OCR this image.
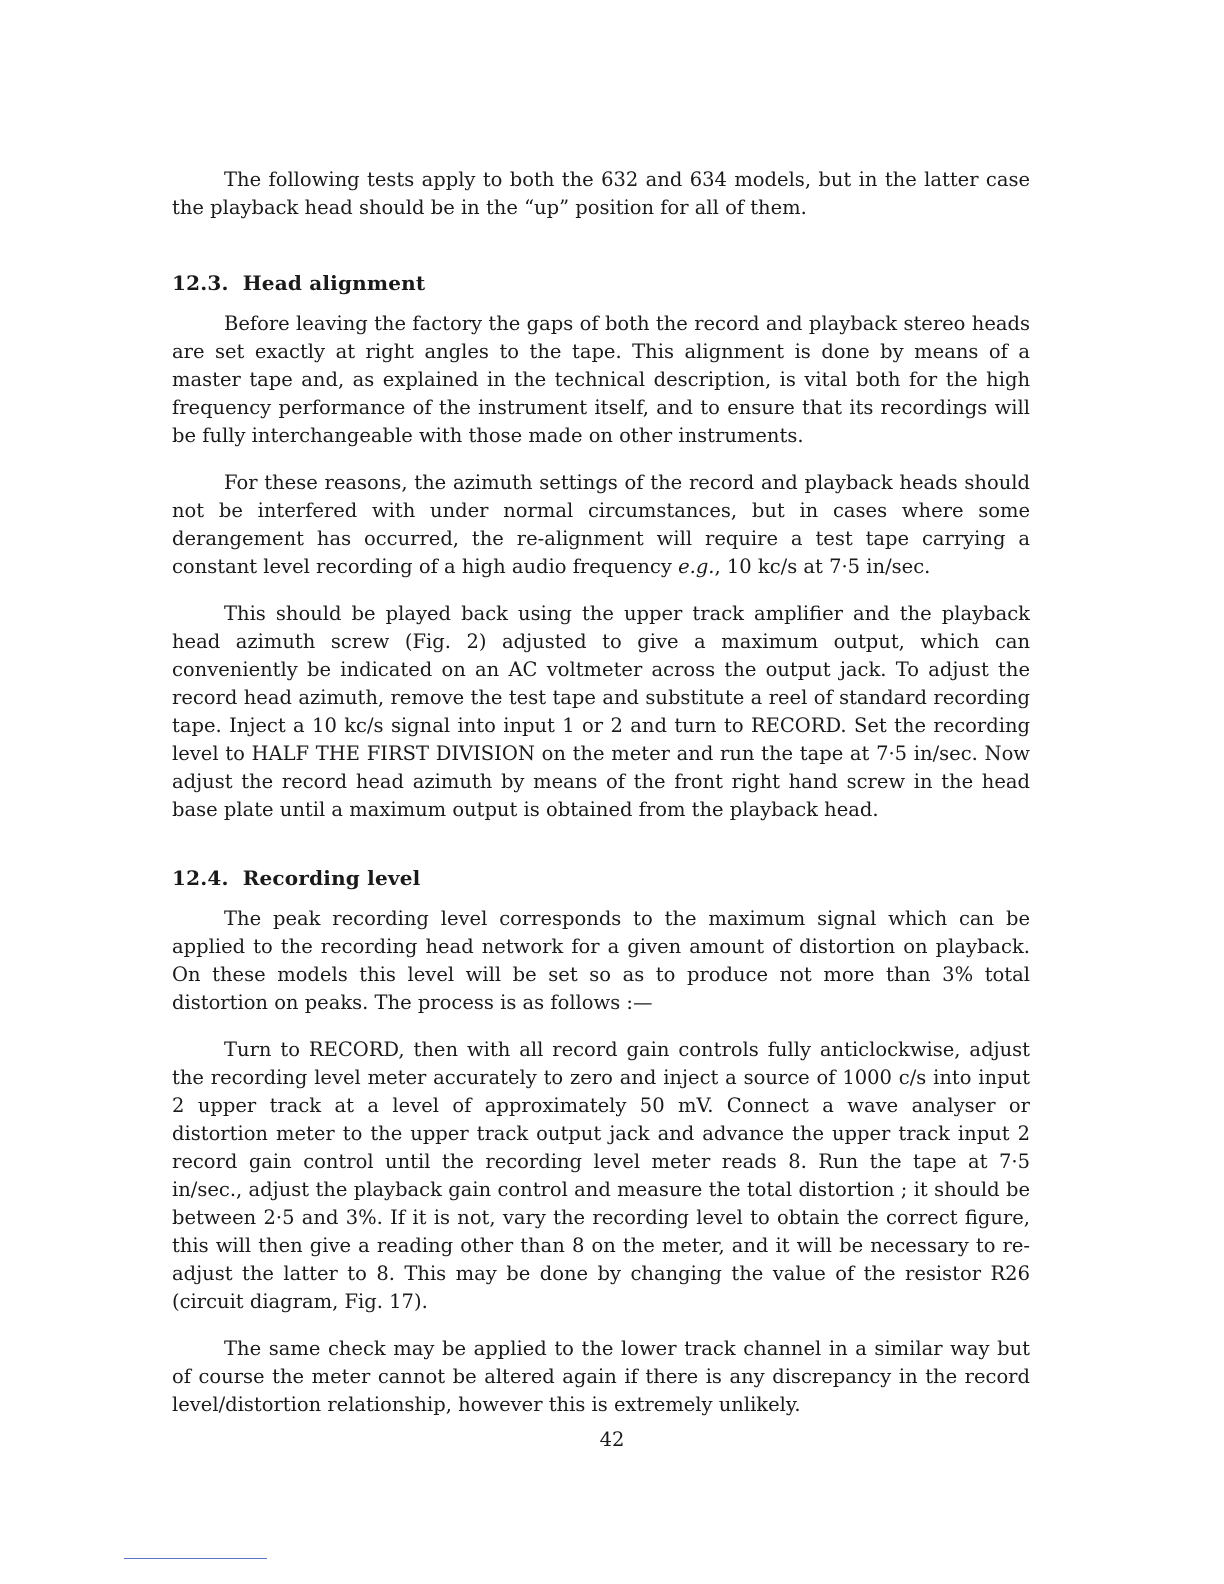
The following tests apply to both the 632 and 634 models, but in the latter case the playback head should be in the “up” position for all of them.

12.3. Head alignment

Before leaving the factory the gaps of both the record and playback stereo heads are set exactly at right angles to the tape. This alignment is done by means of a master tape and, as explained in the technical description, is vital both for the high frequency performance of the instrument itself, and to ensure that its recordings will be fully interchangeable with those made on other instruments.

For these reasons, the azimuth settings of the record and playback heads should not be interfered with under normal circumstances, but in cases where some derangement has occurred, the re-alignment will require a test tape carrying a constant level recording of a high audio frequency e.g., 10 kc/s at 7·5 in/sec.

This should be played back using the upper track amplifier and the playback head azimuth screw (Fig. 2) adjusted to give a maximum output, which can conveniently be indicated on an AC voltmeter across the output jack. To adjust the record head azimuth, remove the test tape and substitute a reel of standard recording tape. Inject a 10 kc/s signal into input 1 or 2 and turn to RECORD. Set the recording level to HALF THE FIRST DIVISION on the meter and run the tape at 7·5 in/sec. Now adjust the record head azimuth by means of the front right hand screw in the head base plate until a maximum output is obtained from the playback head.

12.4. Recording level

The peak recording level corresponds to the maximum signal which can be applied to the recording head network for a given amount of distortion on playback. On these models this level will be set so as to produce not more than 3% total distortion on peaks. The process is as follows :—

Turn to RECORD, then with all record gain controls fully anticlockwise, adjust the recording level meter accurately to zero and inject a source of 1000 c/s into input 2 upper track at a level of approximately 50 mV. Connect a wave analyser or distortion meter to the upper track output jack and advance the upper track input 2 record gain control until the recording level meter reads 8. Run the tape at 7·5 in/sec., adjust the playback gain control and measure the total distortion ; it should be between 2·5 and 3%. If it is not, vary the recording level to obtain the correct figure, this will then give a reading other than 8 on the meter, and it will be necessary to re-adjust the latter to 8. This may be done by changing the value of the resistor R26 (circuit diagram, Fig. 17).

The same check may be applied to the lower track channel in a similar way but of course the meter cannot be altered again if there is any discrepancy in the record level/distortion relationship, however this is extremely unlikely.

42
